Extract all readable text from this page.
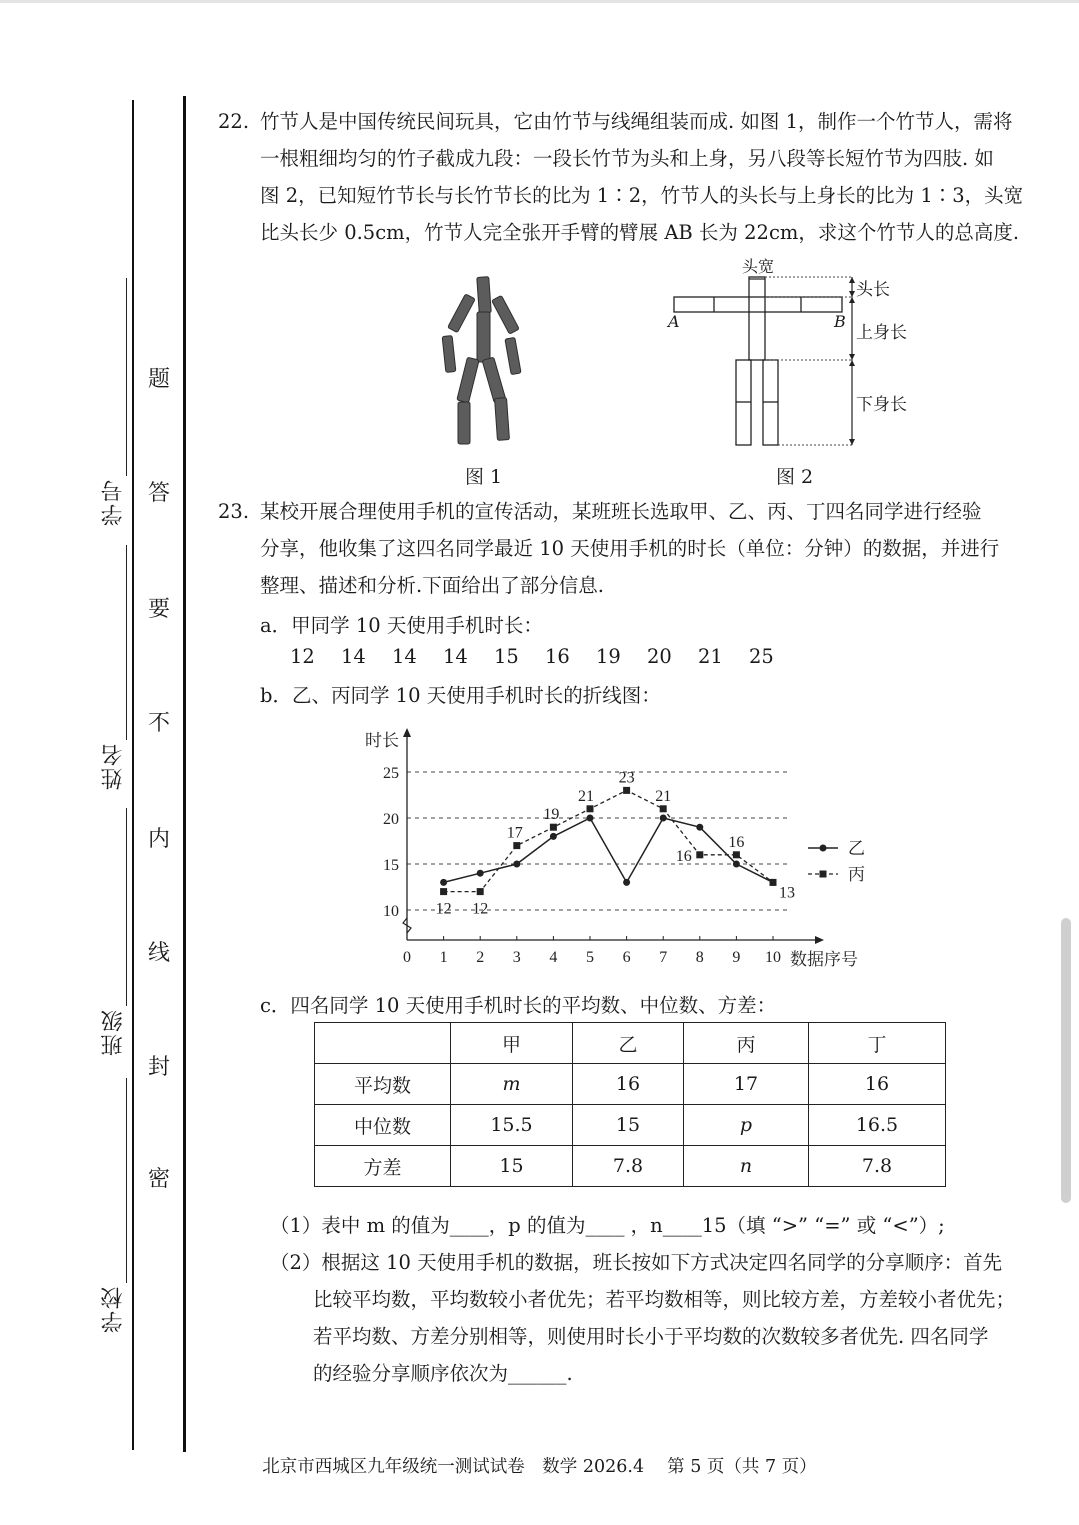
学校
班级
姓名
学号
题
答
要
不
内
线
封
密
22. 竹节人是中国传统民间玩具，它由竹节与线绳组装而成. 如图 1，制作一个竹节人，需将
一根粗细均匀的竹子截成九段：一段长竹节为头和上身，另八段等长短竹节为四肢. 如
图 2，已知短竹节长与长竹节长的比为 1∶2，竹节人的头长与上身长的比为 1∶3，头宽
比头长少 0.5cm，竹节人完全张开手臂的臂展 AB 长为 22cm，求这个竹节人的总高度.
图 1
头宽
头长
上身长
下身长
A	B
图 2
23. 某校开展合理使用手机的宣传活动，某班班长选取甲、乙、丙、丁四名同学进行经验
分享，他收集了这四名同学最近 10 天使用手机的时长（单位：分钟）的数据，并进行
整理、描述和分析.下面给出了部分信息.
a．甲同学 10 天使用手机时长：
12 14 14 14 15 16 19 20 21 25
b．乙、丙同学 10 天使用手机时长的折线图：
10
15
20
25
时长
数据序号
0 1 2 3 4 5 6 7 8 9 10
12 12
17
19
21
23
21
16
16
13
乙
丙
c．四名同学 10 天使用手机时长的平均数、中位数、方差：
	甲	乙	丙	丁
平均数	m	16	17	16
中位数	15.5	15	p	16.5
方差	15	7.8	n	7.8
（1）表中 m 的值为____，p 的值为____ ，n____15（填 “>” “=” 或 “<”）;
（2）根据这 10 天使用手机的数据，班长按如下方式决定四名同学的分享顺序：首先
比较平均数，平均数较小者优先；若平均数相等，则比较方差，方差较小者优先；
若平均数、方差分别相等，则使用时长小于平均数的次数较多者优先. 四名同学
的经验分享顺序依次为______.
北京市西城区九年级统一测试试卷　数学 2026.4　 第 5 页（共 7 页）
